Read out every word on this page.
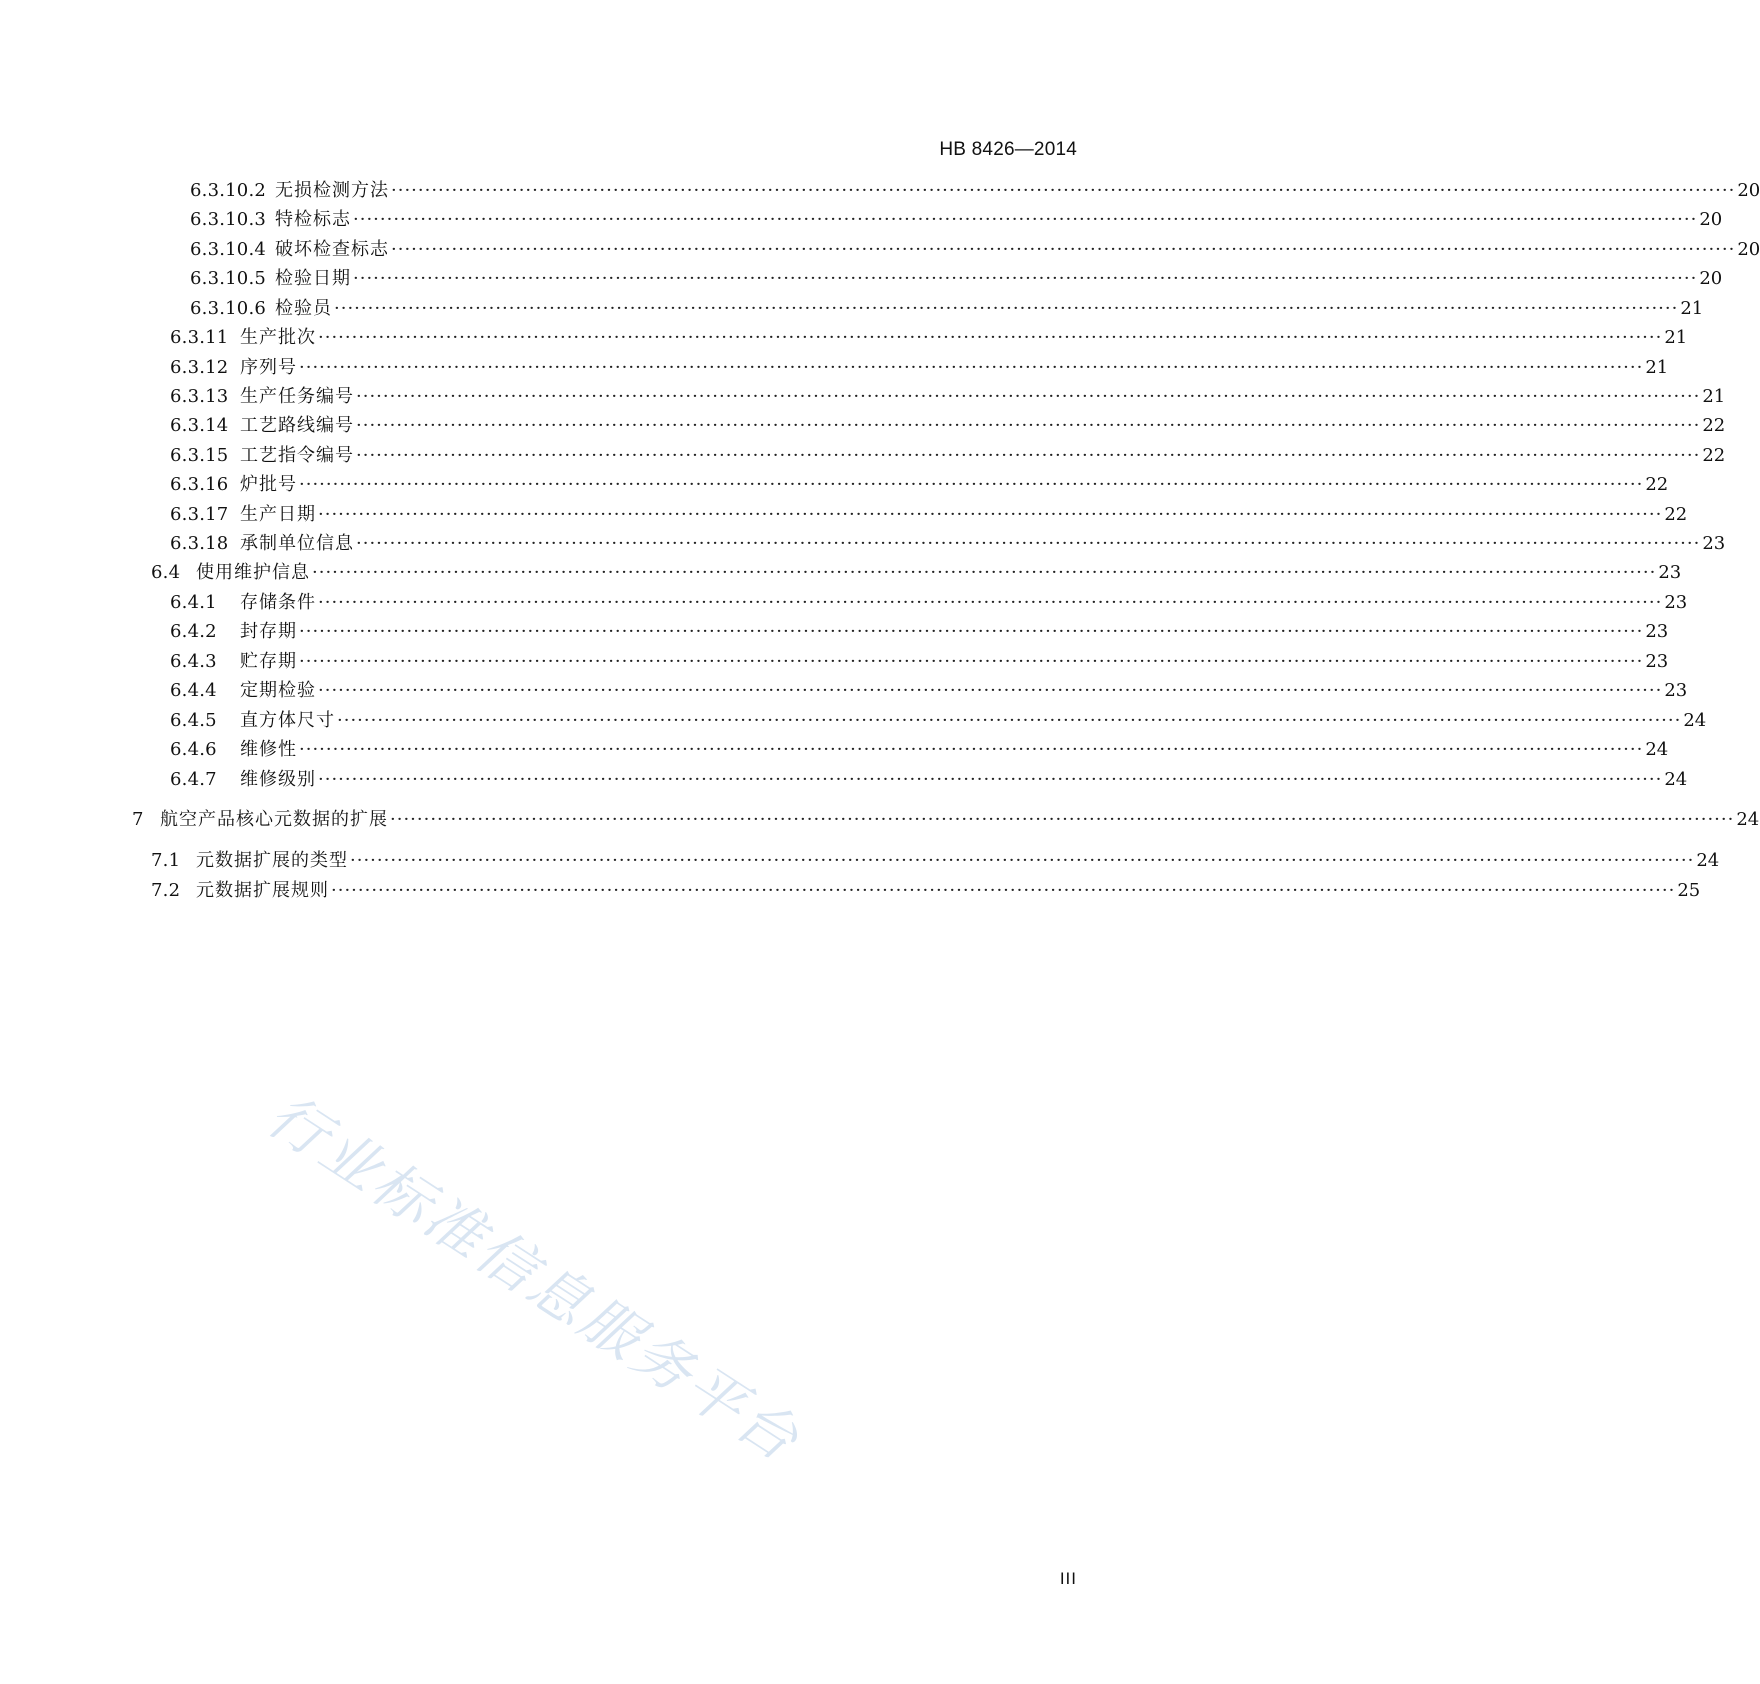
HB 8426—2014
6.3.10.2 无损检测方法 ········································································································································································································ 20
6.3.10.3 特检标志 ········································································································································································································ 20
6.3.10.4 破坏检查标志 ········································································································································································································ 20
6.3.10.5 检验日期 ········································································································································································································ 20
6.3.10.6 检验员 ········································································································································································································ 21
6.3.11 生产批次 ········································································································································································································ 21
6.3.12 序列号 ········································································································································································································ 21
6.3.13 生产任务编号 ········································································································································································································ 21
6.3.14 工艺路线编号 ········································································································································································································ 22
6.3.15 工艺指令编号 ········································································································································································································ 22
6.3.16 炉批号 ········································································································································································································ 22
6.3.17 生产日期 ········································································································································································································ 22
6.3.18 承制单位信息 ········································································································································································································ 23
6.4 使用维护信息 ········································································································································································································ 23
6.4.1	存储条件 ········································································································································································································ 23
6.4.2	封存期 ········································································································································································································ 23
6.4.3	贮存期 ········································································································································································································ 23
6.4.4	定期检验 ········································································································································································································ 23
6.4.5	直方体尺寸 ········································································································································································································ 24
6.4.6	维修性 ········································································································································································································ 24
6.4.7	维修级别 ········································································································································································································ 24
7 航空产品核心元数据的扩展 ········································································································································································································ 24
7.1 元数据扩展的类型 ········································································································································································································ 24
7.2 元数据扩展规则 ········································································································································································································ 25
III
行业标准信息服务平台
